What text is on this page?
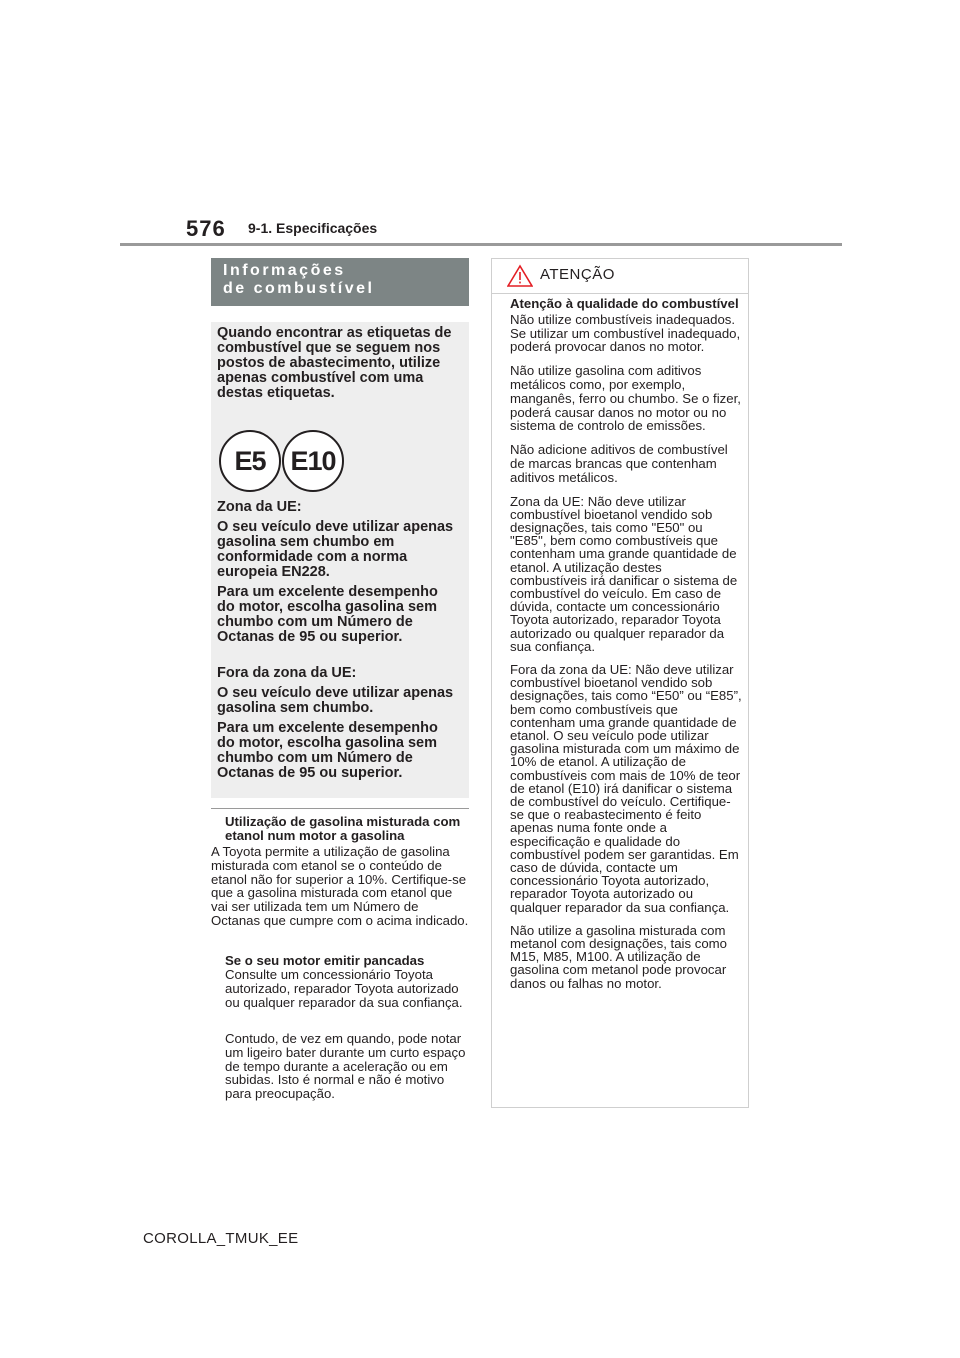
576 9-1. Especificações
Informações
de combustível

Quando encontrar as etiquetas de combustível que se seguem nos postos de abastecimento, utilize apenas combustível com uma destas etiquetas.

E5 E10

Zona da UE:

O seu veículo deve utilizar apenas gasolina sem chumbo em conformidade com a norma europeia EN228.

Para um excelente desempenho do motor, escolha gasolina sem chumbo com um Número de Octanas de 95 ou superior.

Fora da zona da UE:

O seu veículo deve utilizar apenas gasolina sem chumbo.

Para um excelente desempenho do motor, escolha gasolina sem chumbo com um Número de Octanas de 95 ou superior.

Utilização de gasolina misturada com etanol num motor a gasolina

A Toyota permite a utilização de gasolina misturada com etanol se o conteúdo de etanol não for superior a 10%. Certifique-se que a gasolina misturada com etanol que vai ser utilizada tem um Número de Octanas que cumpre com o acima indicado.

Se o seu motor emitir pancadas

Consulte um concessionário Toyota autorizado, reparador Toyota autorizado ou qualquer reparador da sua confiança.

Contudo, de vez em quando, pode notar um ligeiro bater durante um curto espaço de tempo durante a aceleração ou em subidas. Isto é normal e não é motivo para preocupação.

ATENÇÃO

Atenção à qualidade do combustível

Não utilize combustíveis inadequados. Se utilizar um combustível inadequado, poderá provocar danos no motor.

Não utilize gasolina com aditivos metálicos como, por exemplo, manganês, ferro ou chumbo. Se o fizer, poderá causar danos no motor ou no sistema de controlo de emissões.

Não adicione aditivos de combustível de marcas brancas que contenham aditivos metálicos.

Zona da UE: Não deve utilizar combustível bioetanol vendido sob designações, tais como "E50" ou "E85", bem como combustíveis que contenham uma grande quantidade de etanol. A utilização destes combustíveis irá danificar o sistema de combustível do veículo. Em caso de dúvida, contacte um concessionário Toyota autorizado, reparador Toyota autorizado ou qualquer reparador da sua confiança.

Fora da zona da UE: Não deve utilizar combustível bioetanol vendido sob designações, tais como “E50” ou “E85”, bem como combustíveis que contenham uma grande quantidade de etanol. O seu veículo pode utilizar gasolina misturada com um máximo de 10% de etanol. A utilização de combustíveis com mais de 10% de teor de etanol (E10) irá danificar o sistema de combustível do veículo. Certifique-se que o reabastecimento é feito apenas numa fonte onde a especificação e qualidade do combustível podem ser garantidas. Em caso de dúvida, contacte um concessionário Toyota autorizado, reparador Toyota autorizado ou qualquer reparador da sua confiança.

Não utilize a gasolina misturada com metanol com designações, tais como M15, M85, M100. A utilização de gasolina com metanol pode provocar danos ou falhas no motor.

COROLLA_TMUK_EE
